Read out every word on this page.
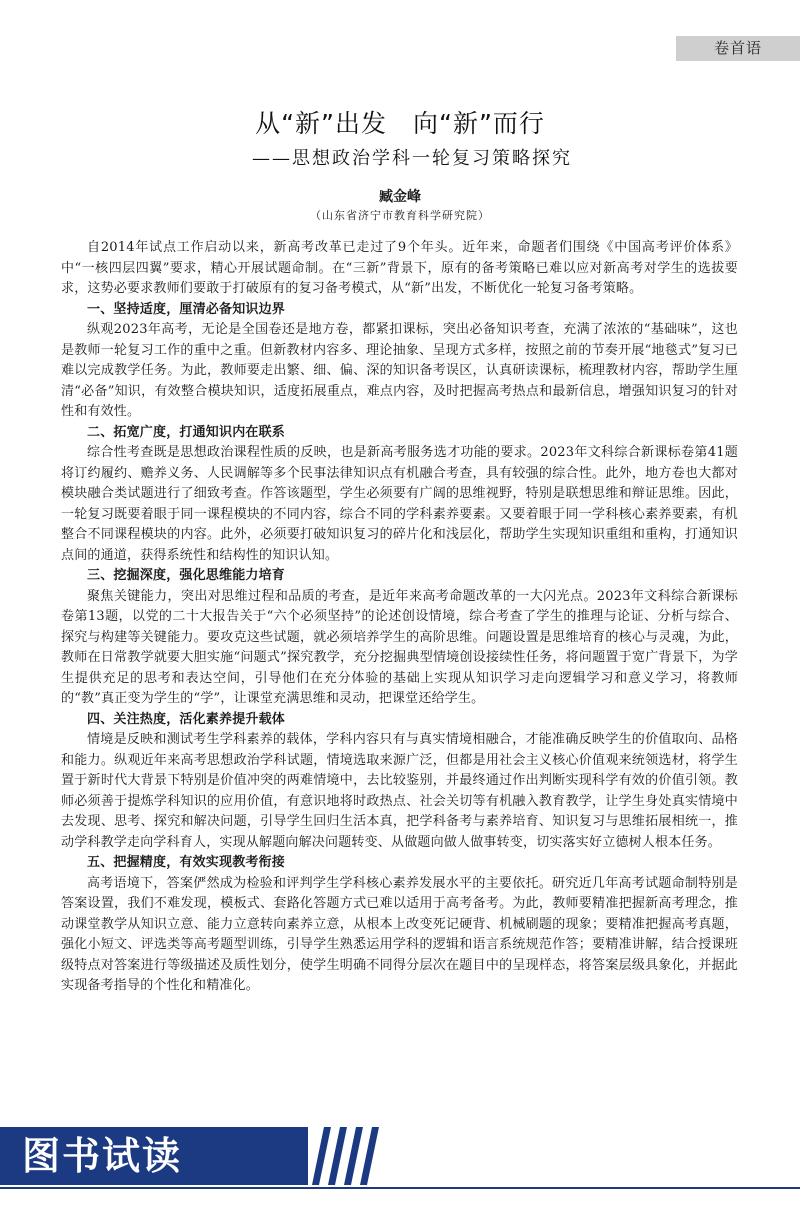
卷首语
从“新”出发　向“新”而行
——思想政治学科一轮复习策略探究
臧金峰
（山东省济宁市教育科学研究院）

自2014年试点工作启动以来，新高考改革已走过了9个年头。近年来，命题者们围绕《中国高考评价体系》中“一核四层四翼”要求，精心开展试题命制。在“三新”背景下，原有的备考策略已难以应对新高考对学生的选拔要求，这势必要求教师们要敢于打破原有的复习备考模式，从“新”出发，不断优化一轮复习备考策略。

一、坚持适度，厘清必备知识边界

纵观2023年高考，无论是全国卷还是地方卷，都紧扣课标，突出必备知识考查，充满了浓浓的“基础味”，这也是教师一轮复习工作的重中之重。但新教材内容多、理论抽象、呈现方式多样，按照之前的节奏开展“地毯式”复习已难以完成教学任务。为此，教师要走出繁、细、偏、深的知识备考误区，认真研读课标，梳理教材内容，帮助学生厘清“必备”知识，有效整合模块知识，适度拓展重点，难点内容，及时把握高考热点和最新信息，增强知识复习的针对性和有效性。

二、拓宽广度，打通知识内在联系

综合性考查既是思想政治课程性质的反映，也是新高考服务选才功能的要求。2023年文科综合新课标卷第41题将订约履约、赡养义务、人民调解等多个民事法律知识点有机融合考查，具有较强的综合性。此外，地方卷也大都对模块融合类试题进行了细致考查。作答该题型，学生必须要有广阔的思维视野，特别是联想思维和辩证思维。因此，一轮复习既要着眼于同一课程模块的不同内容，综合不同的学科素养要素。又要着眼于同一学科核心素养要素，有机整合不同课程模块的内容。此外，必须要打破知识复习的碎片化和浅层化，帮助学生实现知识重组和重构，打通知识点间的通道，获得系统性和结构性的知识认知。

三、挖掘深度，强化思维能力培育

聚焦关键能力，突出对思维过程和品质的考查，是近年来高考命题改革的一大闪光点。2023年文科综合新课标卷第13题，以党的二十大报告关于“六个必须坚持”的论述创设情境，综合考查了学生的推理与论证、分析与综合、探究与构建等关键能力。要攻克这些试题，就必须培养学生的高阶思维。问题设置是思维培育的核心与灵魂，为此，教师在日常教学就要大胆实施“问题式”探究教学，充分挖掘典型情境创设接续性任务，将问题置于宽广背景下，为学生提供充足的思考和表达空间，引导他们在充分体验的基础上实现从知识学习走向逻辑学习和意义学习，将教师的“教”真正变为学生的“学”，让课堂充满思维和灵动，把课堂还给学生。

四、关注热度，活化素养提升载体

情境是反映和测试考生学科素养的载体，学科内容只有与真实情境相融合，才能准确反映学生的价值取向、品格和能力。纵观近年来高考思想政治学科试题，情境选取来源广泛，但都是用社会主义核心价值观来统领选材，将学生置于新时代大背景下特别是价值冲突的两难情境中，去比较鉴别，并最终通过作出判断实现科学有效的价值引领。教师必须善于提炼学科知识的应用价值，有意识地将时政热点、社会关切等有机融入教育教学，让学生身处真实情境中去发现、思考、探究和解决问题，引导学生回归生活本真，把学科备考与素养培育、知识复习与思维拓展相统一，推动学科教学走向学科育人，实现从解题向解决问题转变、从做题向做人做事转变，切实落实好立德树人根本任务。

五、把握精度，有效实现教考衔接

高考语境下，答案俨然成为检验和评判学生学科核心素养发展水平的主要依托。研究近几年高考试题命制特别是答案设置，我们不难发现，模板式、套路化答题方式已难以适用于高考备考。为此，教师要精准把握新高考理念，推动课堂教学从知识立意、能力立意转向素养立意，从根本上改变死记硬背、机械刷题的现象；要精准把握高考真题，强化小短文、评选类等高考题型训练，引导学生熟悉运用学科的逻辑和语言系统规范作答；要精准讲解，结合授课班级特点对答案进行等级描述及质性划分，使学生明确不同得分层次在题目中的呈现样态，将答案层级具象化，并据此实现备考指导的个性化和精准化。

图书试读
